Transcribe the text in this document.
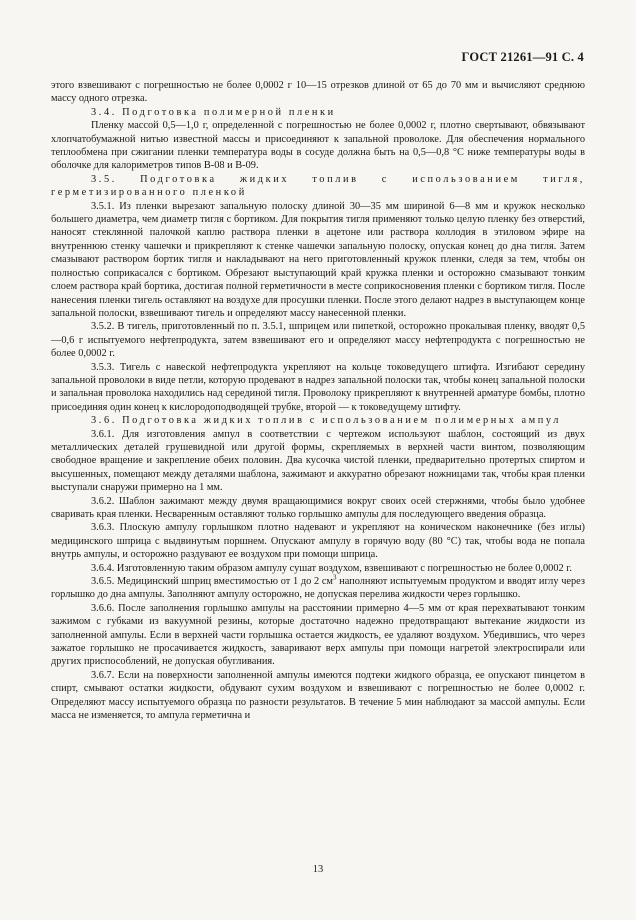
ГОСТ 21261—91 С. 4

этого взвешивают с погрешностью не более 0,0002 г 10—15 отрезков длиной от 65 до 70 мм и вычисляют среднюю массу одного отрезка.

3.4. Подготовка полимерной пленки

Пленку массой 0,5—1,0 г, определенной с погрешностью не более 0,0002 г, плотно свертывают, обвязывают хлопчатобумажной нитью известной массы и присоединяют к запальной проволоке. Для обеспечения нормального теплообмена при сжигании пленки температура воды в сосуде должна быть на 0,5—0,8 °С ниже температуры воды в оболочке для калориметров типов В-08 и В-09.

3.5. Подготовка жидких топлив с использованием тигля, герметизированного пленкой

3.5.1. Из пленки вырезают запальную полоску длиной 30—35 мм шириной 6—8 мм и кружок несколько большего диаметра, чем диаметр тигля с бортиком. Для покрытия тигля применяют только целую пленку без отверстий, наносят стеклянной палочкой каплю раствора пленки в ацетоне или раствора коллодия в этиловом эфире на внутреннюю стенку чашечки и прикрепляют к стенке чашечки запальную полоску, опуская конец до дна тигля. Затем смазывают раствором бортик тигля и накладывают на него приготовленный кружок пленки, следя за тем, чтобы он полностью соприкасался с бортиком. Обрезают выступающий край кружка пленки и осторожно смазывают тонким слоем раствора край бортика, достигая полной герметичности в месте соприкосновения пленки с бортиком тигля. После нанесения пленки тигель оставляют на воздухе для просушки пленки. После этого делают надрез в выступающем конце запальной полоски, взвешивают тигель и определяют массу нанесенной пленки.

3.5.2. В тигель, приготовленный по п. 3.5.1, шприцем или пипеткой, осторожно прокалывая пленку, вводят 0,5—0,6 г испытуемого нефтепродукта, затем взвешивают его и определяют массу нефтепродукта с погрешностью не более 0,0002 г.

3.5.3. Тигель с навеской нефтепродукта укрепляют на кольце токоведущего штифта. Изгибают середину запальной проволоки в виде петли, которую продевают в надрез запальной полоски так, чтобы конец запальной полоски и запальная проволока находились над серединой тигля. Проволоку прикрепляют к внутренней арматуре бомбы, плотно присоединяя один конец к кислородоподводящей трубке, второй — к токоведущему штифту.

3.6. Подготовка жидких топлив с использованием полимерных ампул

3.6.1. Для изготовления ампул в соответствии с чертежом используют шаблон, состоящий из двух металлических деталей грушевидной или другой формы, скрепляемых в верхней части винтом, позволяющим свободное вращение и закрепление обеих половин. Два кусочка чистой пленки, предварительно протертых спиртом и высушенных, помещают между деталями шаблона, зажимают и аккуратно обрезают ножницами так, чтобы края пленки выступали снаружи примерно на 1 мм.

3.6.2. Шаблон зажимают между двумя вращающимися вокруг своих осей стержнями, чтобы было удобнее сваривать края пленки. Несваренным оставляют только горлышко ампулы для последующего введения образца.

3.6.3. Плоскую ампулу горлышком плотно надевают и укрепляют на коническом наконечнике (без иглы) медицинского шприца с выдвинутым поршнем. Опускают ампулу в горячую воду (80 °С) так, чтобы вода не попала внутрь ампулы, и осторожно раздувают ее воздухом при помощи шприца.

3.6.4. Изготовленную таким образом ампулу сушат воздухом, взвешивают с погрешностью не более 0,0002 г.

3.6.5. Медицинский шприц вместимостью от 1 до 2 $см^3$ наполняют испытуемым продуктом и вводят иглу через горлышко до дна ампулы. Заполняют ампулу осторожно, не допуская перелива жидкости через горлышко.

3.6.6. После заполнения горлышко ампулы на расстоянии примерно 4—5 мм от края перехватывают тонким зажимом с губками из вакуумной резины, которые достаточно надежно предотвращают вытекание жидкости из заполненной ампулы. Если в верхней части горлышка остается жидкость, ее удаляют воздухом. Убедившись, что через зажатое горлышко не просачивается жидкость, заваривают верх ампулы при помощи нагретой электроспирали или других приспособлений, не допуская обугливания.

3.6.7. Если на поверхности заполненной ампулы имеются подтеки жидкого образца, ее опускают пинцетом в спирт, смывают остатки жидкости, обдувают сухим воздухом и взвешивают с погрешностью не более 0,0002 г. Определяют массу испытуемого образца по разности результатов. В течение 5 мин наблюдают за массой ампулы. Если масса не изменяется, то ампула герметична и

13
